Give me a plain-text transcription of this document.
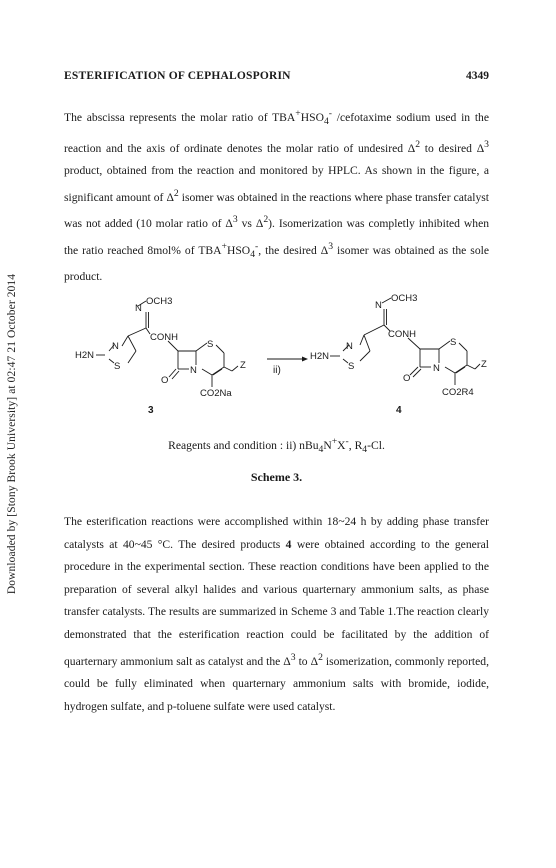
Downloaded by [Stony Brook University] at 02:47 21 October 2014
ESTERIFICATION OF CEPHALOSPORIN	4349

The abscissa represents the molar ratio of $TBA^+HSO_4^-$ /cefotaxime sodium used in the reaction and the axis of ordinate denotes the molar ratio of undesired $\Delta^2$ to desired $\Delta^3$ product, obtained from the reaction and monitored by HPLC. As shown in the figure, a significant amount of $\Delta^2$ isomer was obtained in the reactions where phase transfer catalyst was not added (10 molar ratio of $\Delta^3$ vs $\Delta^2$). Isomerization was completly inhibited when the ratio reached 8mol% of $TBA^+HSO_4^-$, the desired $\Delta^3$ isomer was obtained as the sole product.

N
OCH3
CONH
N
H2N
S
S
N
O
Z
CO2Na
3
ii)
N
OCH3
CONH
N
H2N
S
S
N
O
Z
CO2R4
4

Reagents and condition : ii) nBu$_4$N+X-, $R_4-Cl$.

Scheme 3.

The esterification reactions were accomplished within 18~24 h by adding phase transfer catalysts at 40~45 °C. The desired products 4 were obtained according to the general procedure in the experimental section. These reaction conditions have been applied to the preparation of several alkyl halides and various quarternary ammonium salts, as phase transfer catalysts. The results are summarized in Scheme 3 and Table 1.The reaction clearly demonstrated that the esterification reaction could be facilitated by the addition of quarternary ammonium salt as catalyst and the $\Delta^3$ to $\Delta^2$ isomerization, commonly reported, could be fully eliminated when quarternary ammonium salts with bromide, iodide, hydrogen sulfate, and p-toluene sulfate were used catalyst.
